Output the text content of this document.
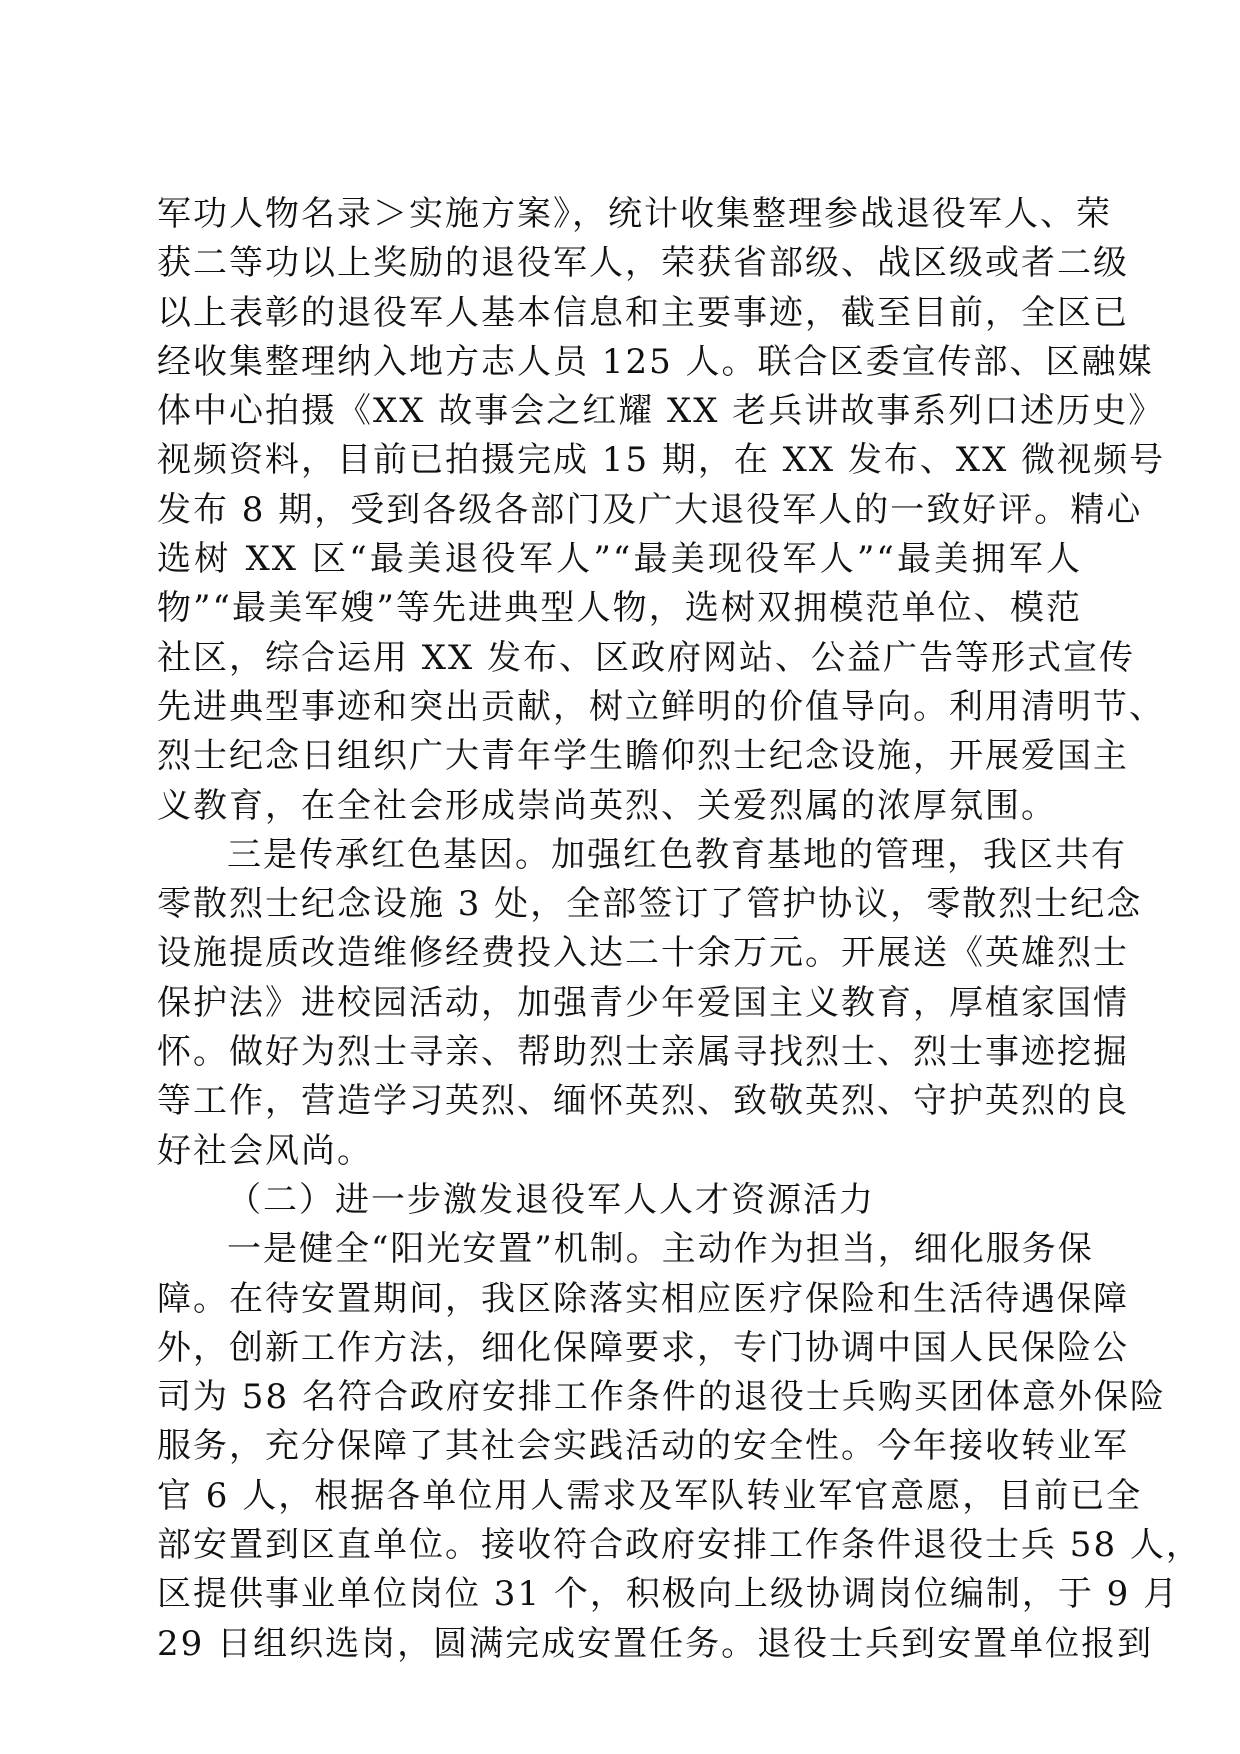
军功人物名录＞实施方案》，统计收集整理参战退役军人、荣
获二等功以上奖励的退役军人，荣获省部级、战区级或者二级
以上表彰的退役军人基本信息和主要事迹，截至目前，全区已
经收集整理纳入地方志人员 125 人。联合区委宣传部、区融媒
体中心拍摄《XX 故事会之红耀 XX 老兵讲故事系列口述历史》
视频资料，目前已拍摄完成 15 期，在 XX 发布、XX 微视频号
发布 8 期，受到各级各部门及广大退役军人的一致好评。精心
选树 XX 区“最美退役军人”“最美现役军人”“最美拥军人
物”“最美军嫂”等先进典型人物，选树双拥模范单位、模范
社区，综合运用 XX 发布、区政府网站、公益广告等形式宣传
先进典型事迹和突出贡献，树立鲜明的价值导向。利用清明节、
烈士纪念日组织广大青年学生瞻仰烈士纪念设施，开展爱国主
义教育，在全社会形成崇尚英烈、关爱烈属的浓厚氛围。
三是传承红色基因。加强红色教育基地的管理，我区共有
零散烈士纪念设施 3 处，全部签订了管护协议，零散烈士纪念
设施提质改造维修经费投入达二十余万元。开展送《英雄烈士
保护法》进校园活动，加强青少年爱国主义教育，厚植家国情
怀。做好为烈士寻亲、帮助烈士亲属寻找烈士、烈士事迹挖掘
等工作，营造学习英烈、缅怀英烈、致敬英烈、守护英烈的良
好社会风尚。
（二）进一步激发退役军人人才资源活力
一是健全“阳光安置”机制。主动作为担当，细化服务保
障。在待安置期间，我区除落实相应医疗保险和生活待遇保障
外，创新工作方法，细化保障要求，专门协调中国人民保险公
司为 58 名符合政府安排工作条件的退役士兵购买团体意外保险
服务，充分保障了其社会实践活动的安全性。今年接收转业军
官 6 人，根据各单位用人需求及军队转业军官意愿，目前已全
部安置到区直单位。接收符合政府安排工作条件退役士兵 58 人，
区提供事业单位岗位 31 个，积极向上级协调岗位编制，于 9 月
29 日组织选岗，圆满完成安置任务。退役士兵到安置单位报到
